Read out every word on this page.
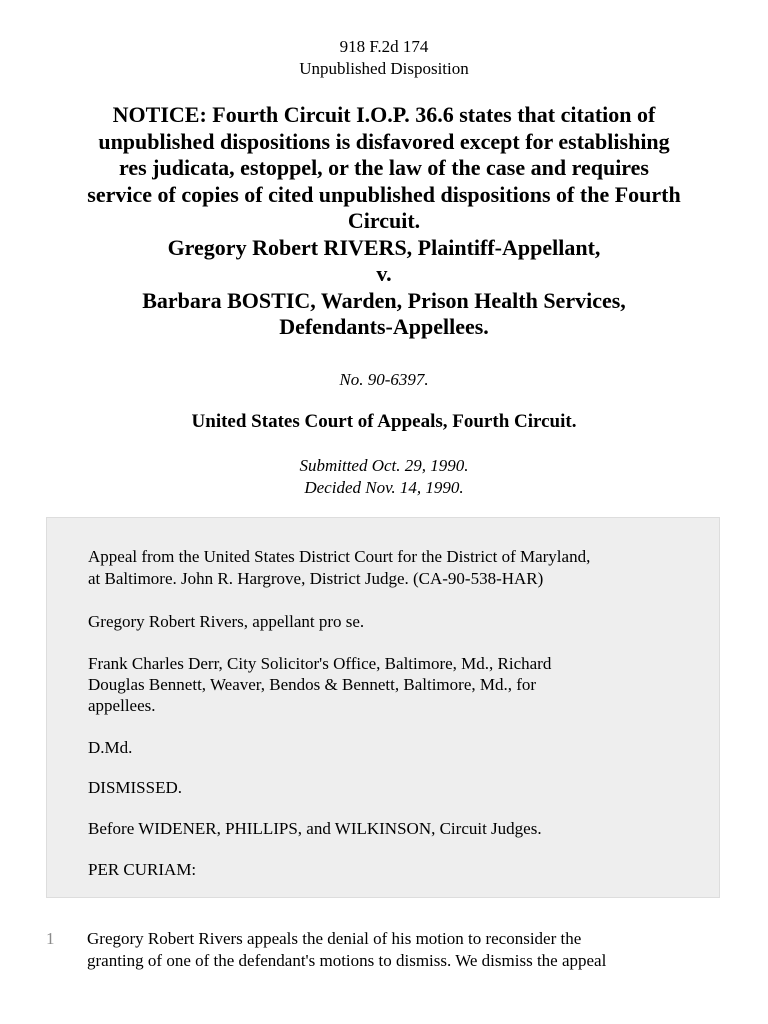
918 F.2d 174
Unpublished Disposition
NOTICE: Fourth Circuit I.O.P. 36.6 states that citation of
unpublished dispositions is disfavored except for establishing
res judicata, estoppel, or the law of the case and requires
service of copies of cited unpublished dispositions of the Fourth
Circuit.
Gregory Robert RIVERS, Plaintiff-Appellant,
v.
Barbara BOSTIC, Warden, Prison Health Services,
Defendants-Appellees.
No. 90-6397.
United States Court of Appeals, Fourth Circuit.
Submitted Oct. 29, 1990.
Decided Nov. 14, 1990.
Appeal from the United States District Court for the District of Maryland,
at Baltimore. John R. Hargrove, District Judge. (CA-90-538-HAR)
Gregory Robert Rivers, appellant pro se.
Frank Charles Derr, City Solicitor's Office, Baltimore, Md., Richard
Douglas Bennett, Weaver, Bendos & Bennett, Baltimore, Md., for
appellees.
D.Md.
DISMISSED.
Before WIDENER, PHILLIPS, and WILKINSON, Circuit Judges.
PER CURIAM:
1 Gregory Robert Rivers appeals the denial of his motion to reconsider the
granting of one of the defendant's motions to dismiss. We dismiss the appeal
